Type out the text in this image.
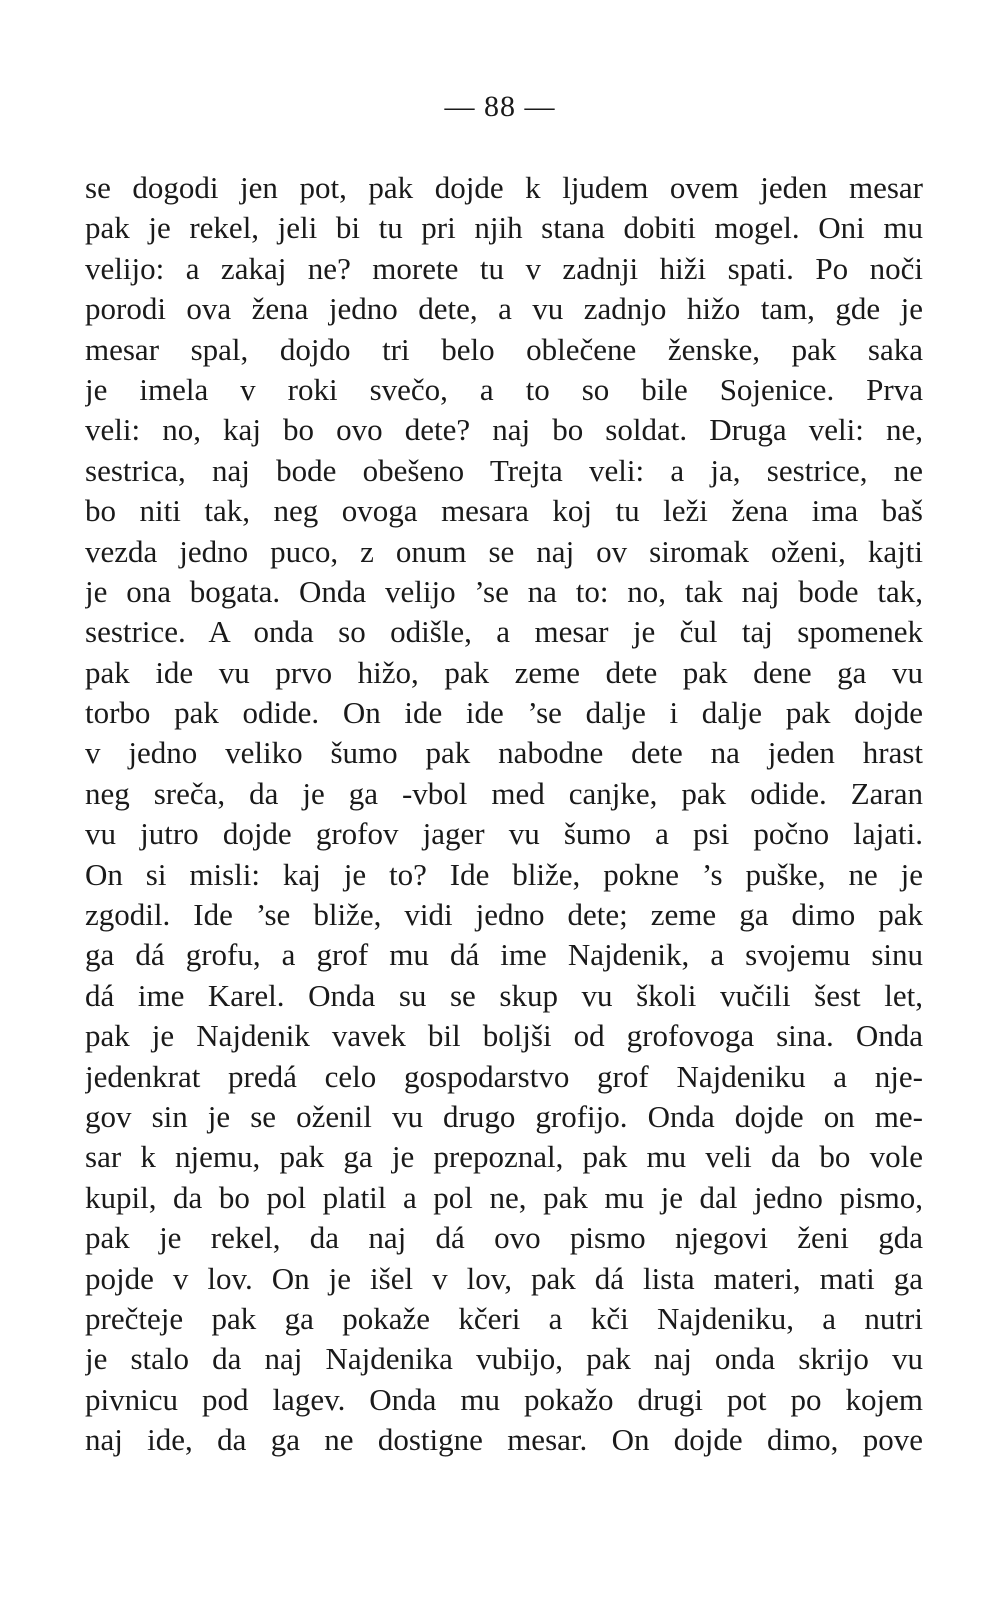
— 88 —
se dogodi jen pot, pak dojde k ljudem ovem jeden mesar
pak je rekel, jeli bi tu pri njih stana dobiti mogel. Oni mu
velijo: a zakaj ne? morete tu v zadnji hiži spati. Po noči
porodi ova žena jedno dete, a vu zadnjo hižo tam, gde je
mesar spal, dojdo tri belo oblečene ženske, pak saka
je imela v roki svečo, a to so bile Sojenice. Prva
veli: no, kaj bo ovo dete? naj bo soldat. Druga veli: ne,
sestrica, naj bode obešeno Trejta veli: a ja, sestrice, ne
bo niti tak, neg ovoga mesara koj tu leži žena ima baš
vezda jedno puco, z onum se naj ov siromak oženi, kajti
je ona bogata. Onda velijo ’se na to: no, tak naj bode tak,
sestrice. A onda so odišle, a mesar je čul taj spomenek
pak ide vu prvo hižo, pak zeme dete pak dene ga vu
torbo pak odide. On ide ide ’se dalje i dalje pak dojde
v jedno veliko šumo pak nabodne dete na jeden hrast
neg sreča, da je ga -vbol med canjke, pak odide. Zaran
vu jutro dojde grofov jager vu šumo a psi počno lajati.
On si misli: kaj je to? Ide bliže, pokne ’s puške, ne je
zgodil. Ide ’se bliže, vidi jedno dete; zeme ga dimo pak
ga dá grofu, a grof mu dá ime Najdenik, a svojemu sinu
dá ime Karel. Onda su se skup vu školi vučili šest let,
pak je Najdenik vavek bil boljši od grofovoga sina. Onda
jedenkrat predá celo gospodarstvo grof Najdeniku a nje-
gov sin je se oženil vu drugo grofijo. Onda dojde on me-
sar k njemu, pak ga je prepoznal, pak mu veli da bo vole
kupil, da bo pol platil a pol ne, pak mu je dal jedno pismo,
pak je rekel, da naj dá ovo pismo njegovi ženi gda
pojde v lov. On je išel v lov, pak dá lista materi, mati ga
prečteje pak ga pokaže kčeri a kči Najdeniku, a nutri
je stalo da naj Najdenika vubijo, pak naj onda skrijo vu
pivnicu pod lagev. Onda mu pokažo drugi pot po kojem
naj ide, da ga ne dostigne mesar. On dojde dimo, pove
